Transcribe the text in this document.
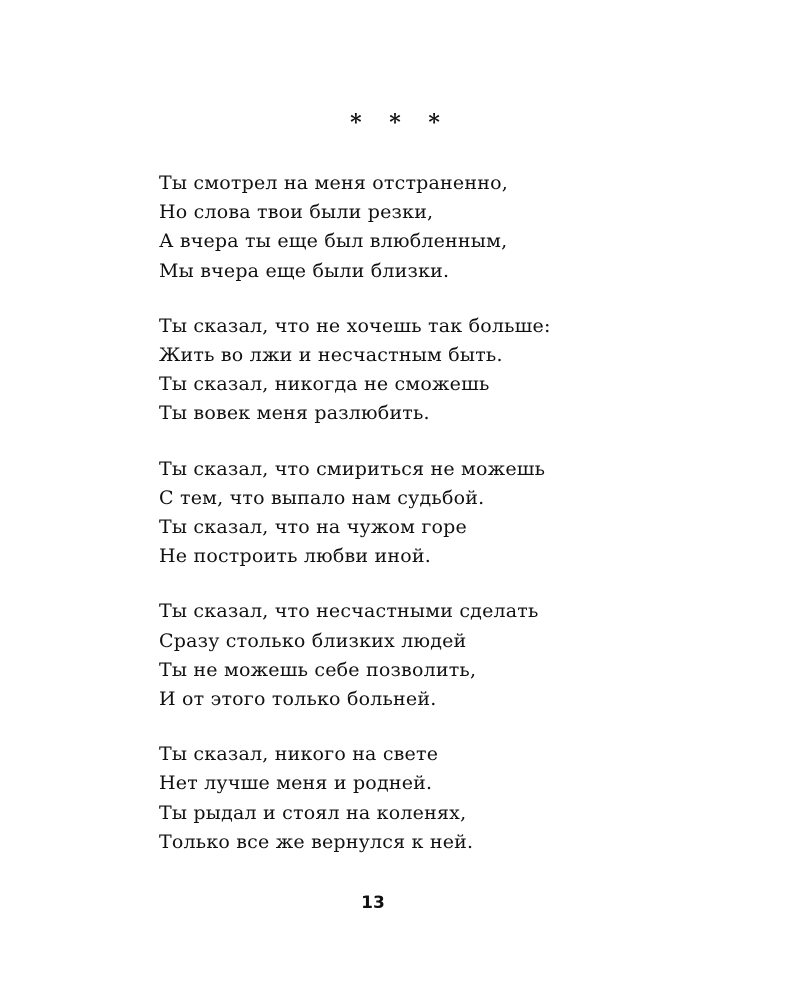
* * *
Ты смотрел на меня отстраненно,
Но слова твои были резки,
А вчера ты еще был влюбленным,
Мы вчера еще были близки.
Ты сказал, что не хочешь так больше:
Жить во лжи и несчастным быть.
Ты сказал, никогда не сможешь
Ты вовек меня разлюбить.
Ты сказал, что смириться не можешь
С тем, что выпало нам судьбой.
Ты сказал, что на чужом горе
Не построить любви иной.
Ты сказал, что несчастными сделать
Сразу столько близких людей
Ты не можешь себе позволить,
И от этого только больней.
Ты сказал, никого на свете
Нет лучше меня и родней.
Ты рыдал и стоял на коленях,
Только все же вернулся к ней.
13
